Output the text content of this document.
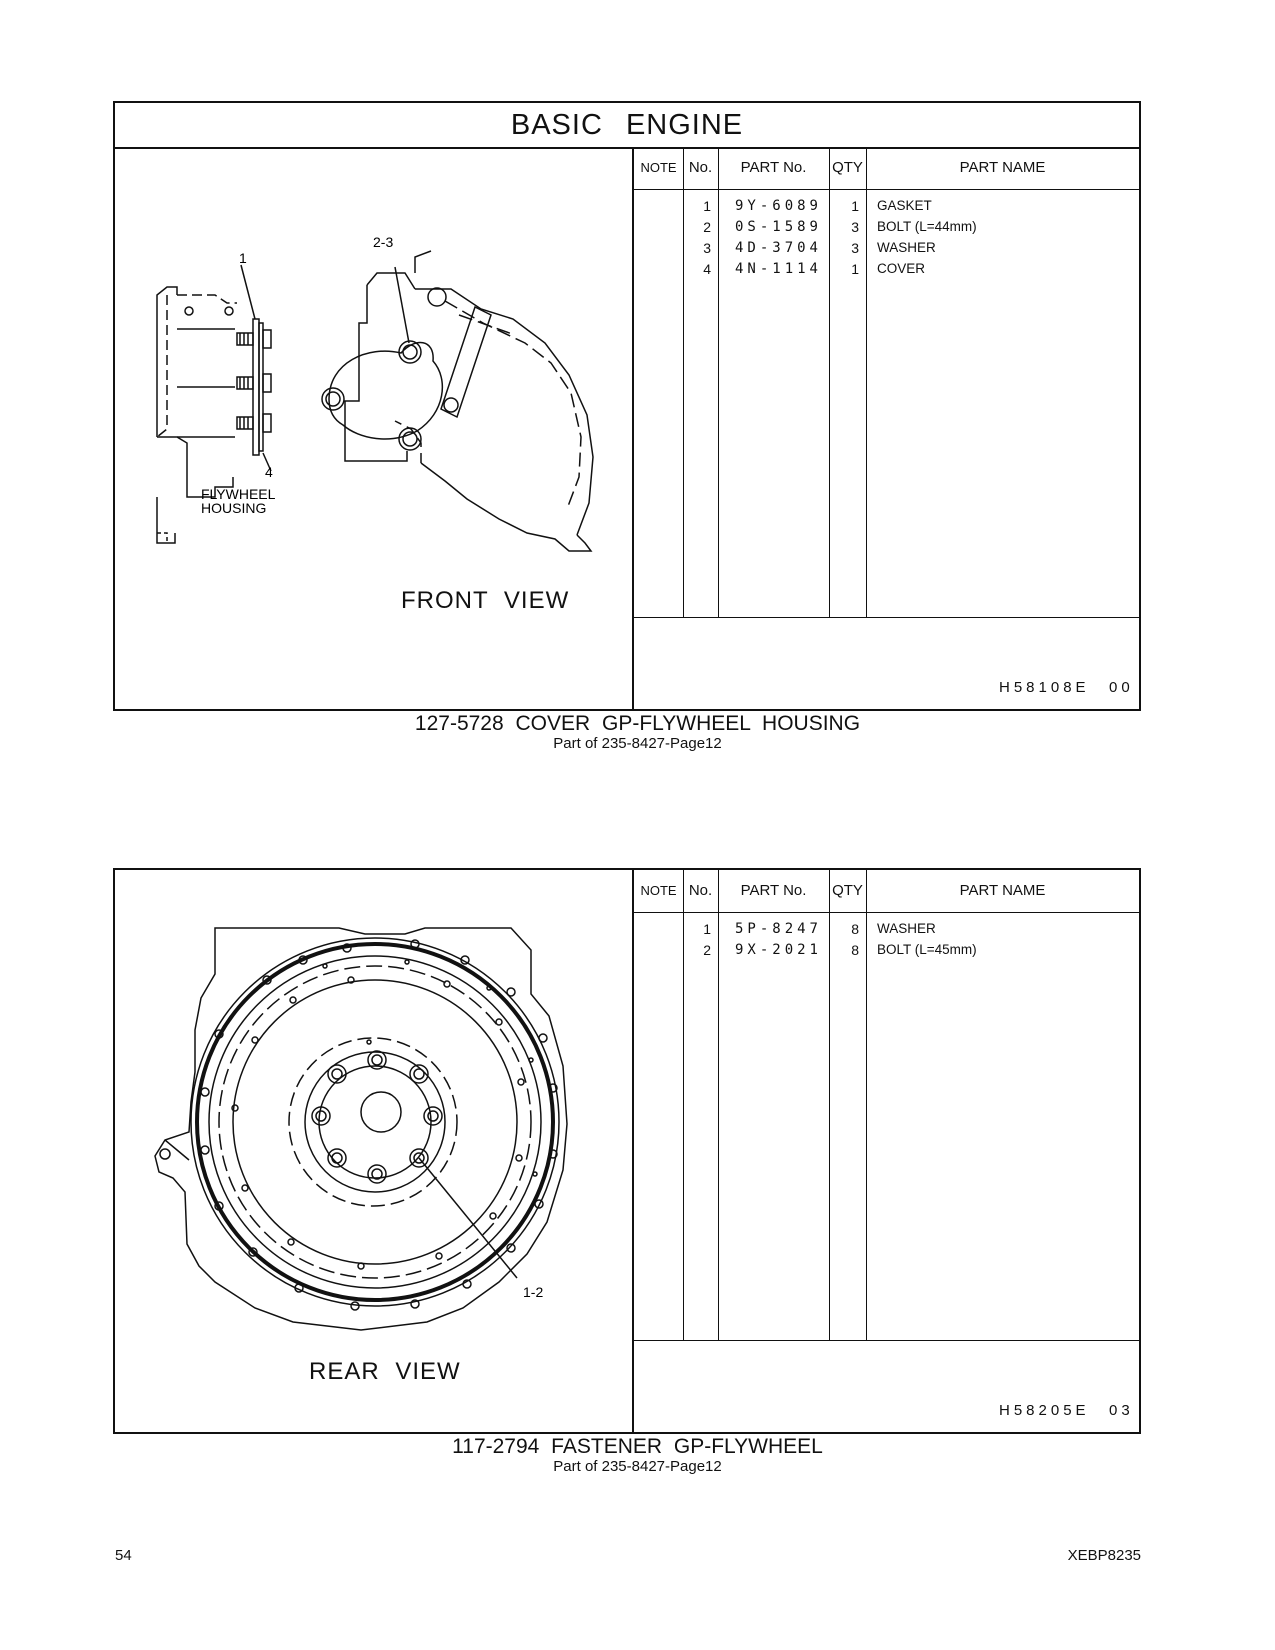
BASIC ENGINE
1
2-3
4
FLYWHEEL
HOUSING
FRONT VIEW
NOTE No.	PART No.	QTY	PART NAME
1	9Y-6089	1 GASKET
2	0S-1589	3 BOLT (L=44mm)
3	4D-3704	3 WASHER
4	4N-1114	1 COVER
H58108E 00
127-5728 COVER GP-FLYWHEEL HOUSING
Part of 235-8427-Page12
1-2
REAR VIEW
NOTE No.	PART No.	QTY	PART NAME
1	5P-8247	8 WASHER
2	9X-2021	8 BOLT (L=45mm)
H58205E 03
117-2794 FASTENER GP-FLYWHEEL
Part of 235-8427-Page12
54	XEBP8235
